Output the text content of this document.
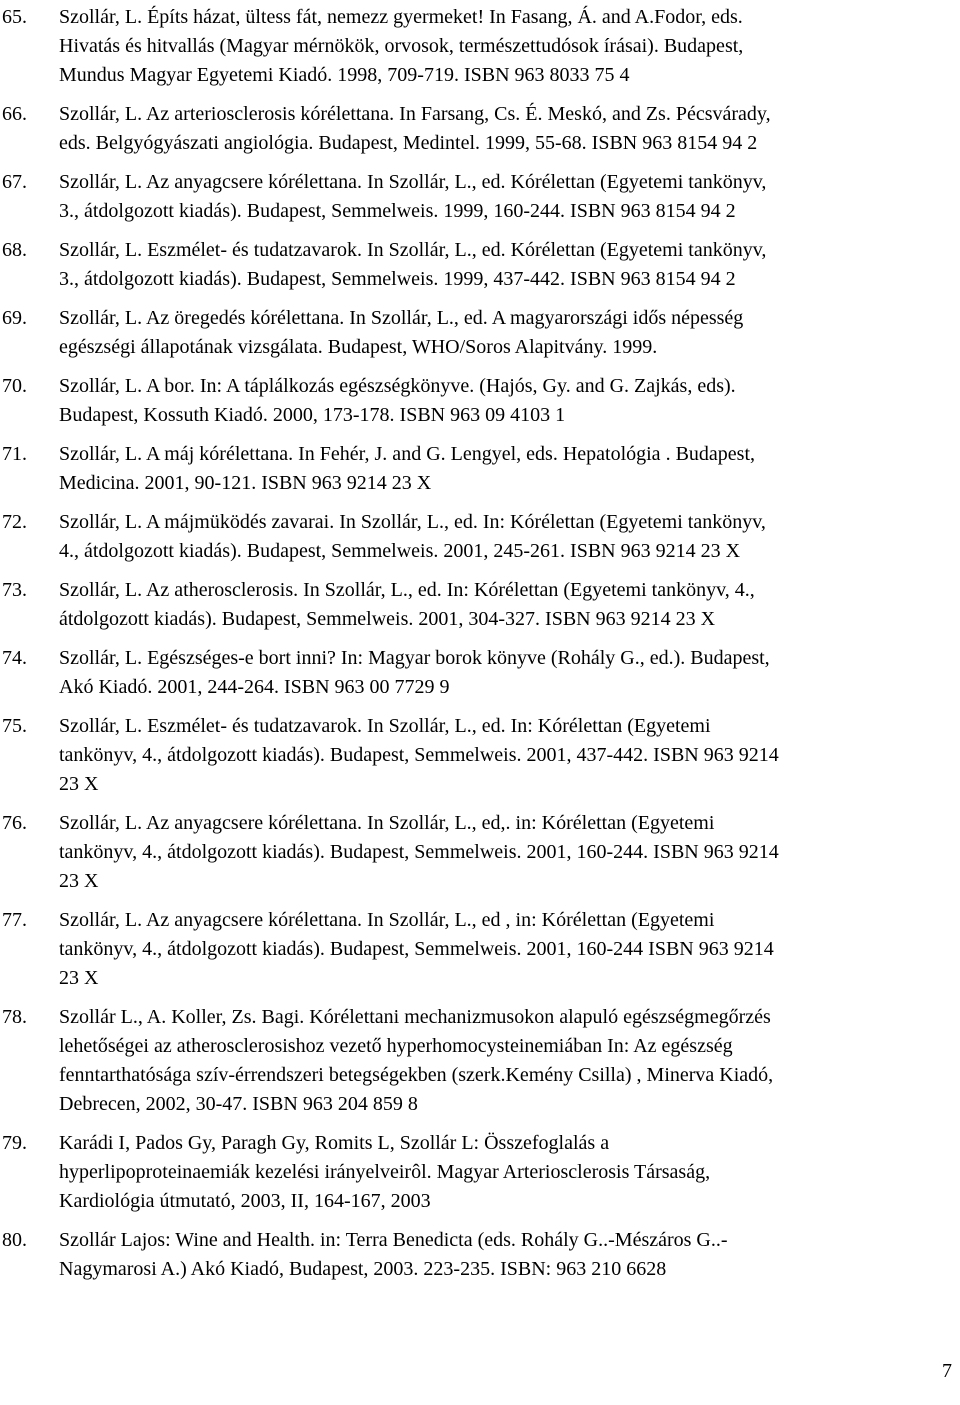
65. Szollár, L. Építs házat, ültess fát, nemezz gyermeket! In Fasang, Á. and A.Fodor, eds.
Hivatás és hitvallás (Magyar mérnökök, orvosok, természettudósok írásai). Budapest,
Mundus Magyar Egyetemi Kiadó. 1998, 709-719. ISBN 963 8033 75 4
66. Szollár, L. Az arteriosclerosis kórélettana. In Farsang, Cs. É. Meskó, and Zs. Pécsvárady,
eds. Belgyógyászati angiológia. Budapest, Medintel. 1999, 55-68. ISBN 963 8154 94 2
67. Szollár, L. Az anyagcsere kórélettana. In Szollár, L., ed. Kórélettan (Egyetemi tankönyv,
3., átdolgozott kiadás). Budapest, Semmelweis. 1999, 160-244. ISBN 963 8154 94 2
68. Szollár, L. Eszmélet- és tudatzavarok. In Szollár, L., ed. Kórélettan (Egyetemi tankönyv,
3., átdolgozott kiadás). Budapest, Semmelweis. 1999, 437-442. ISBN 963 8154 94 2
69. Szollár, L. Az öregedés kórélettana. In Szollár, L., ed. A magyarországi idős népesség
egészségi állapotának vizsgálata. Budapest, WHO/Soros Alapitvány. 1999.
70. Szollár, L. A bor. In: A táplálkozás egészségkönyve. (Hajós, Gy. and G. Zajkás, eds).
Budapest, Kossuth Kiadó. 2000, 173-178. ISBN 963 09 4103 1
71. Szollár, L. A máj kórélettana. In Fehér, J. and G. Lengyel, eds. Hepatológia . Budapest,
Medicina. 2001, 90-121. ISBN 963 9214 23 X
72. Szollár, L. A májmüködés zavarai. In Szollár, L., ed. In: Kórélettan (Egyetemi tankönyv,
4., átdolgozott kiadás). Budapest, Semmelweis. 2001, 245-261. ISBN 963 9214 23 X
73. Szollár, L. Az atherosclerosis. In Szollár, L., ed. In: Kórélettan (Egyetemi tankönyv, 4.,
átdolgozott kiadás). Budapest, Semmelweis. 2001, 304-327. ISBN 963 9214 23 X
74. Szollár, L. Egészséges-e bort inni? In: Magyar borok könyve (Rohály G., ed.). Budapest,
Akó Kiadó. 2001, 244-264. ISBN 963 00 7729 9
75. Szollár, L. Eszmélet- és tudatzavarok. In Szollár, L., ed. In: Kórélettan (Egyetemi
tankönyv, 4., átdolgozott kiadás). Budapest, Semmelweis. 2001, 437-442. ISBN 963 9214
23 X
76. Szollár, L. Az anyagcsere kórélettana. In Szollár, L., ed,. in: Kórélettan (Egyetemi
tankönyv, 4., átdolgozott kiadás). Budapest, Semmelweis. 2001, 160-244. ISBN 963 9214
23 X
77. Szollár, L. Az anyagcsere kórélettana. In Szollár, L., ed , in: Kórélettan (Egyetemi
tankönyv, 4., átdolgozott kiadás). Budapest, Semmelweis. 2001, 160-244 ISBN 963 9214
23 X
78. Szollár L., A. Koller, Zs. Bagi. Kórélettani mechanizmusokon alapuló egészségmegőrzés
lehetőségei az atherosclerosishoz vezető hyperhomocysteinemiában In: Az egészség
fenntarthatósága szív-érrendszeri betegségekben (szerk.Kemény Csilla) , Minerva Kiadó,
Debrecen, 2002, 30-47. ISBN 963 204 859 8
79. Karádi I, Pados Gy, Paragh Gy, Romits L, Szollár L: Összefoglalás a
hyperlipoproteinaemiák kezelési irányelveirôl. Magyar Arteriosclerosis Társaság,
Kardiológia útmutató, 2003, II, 164-167, 2003
80. Szollár Lajos: Wine and Health. in: Terra Benedicta (eds. Rohály G..-Mészáros G..-
Nagymarosi A.) Akó Kiadó, Budapest, 2003. 223-235. ISBN: 963 210 6628
7
